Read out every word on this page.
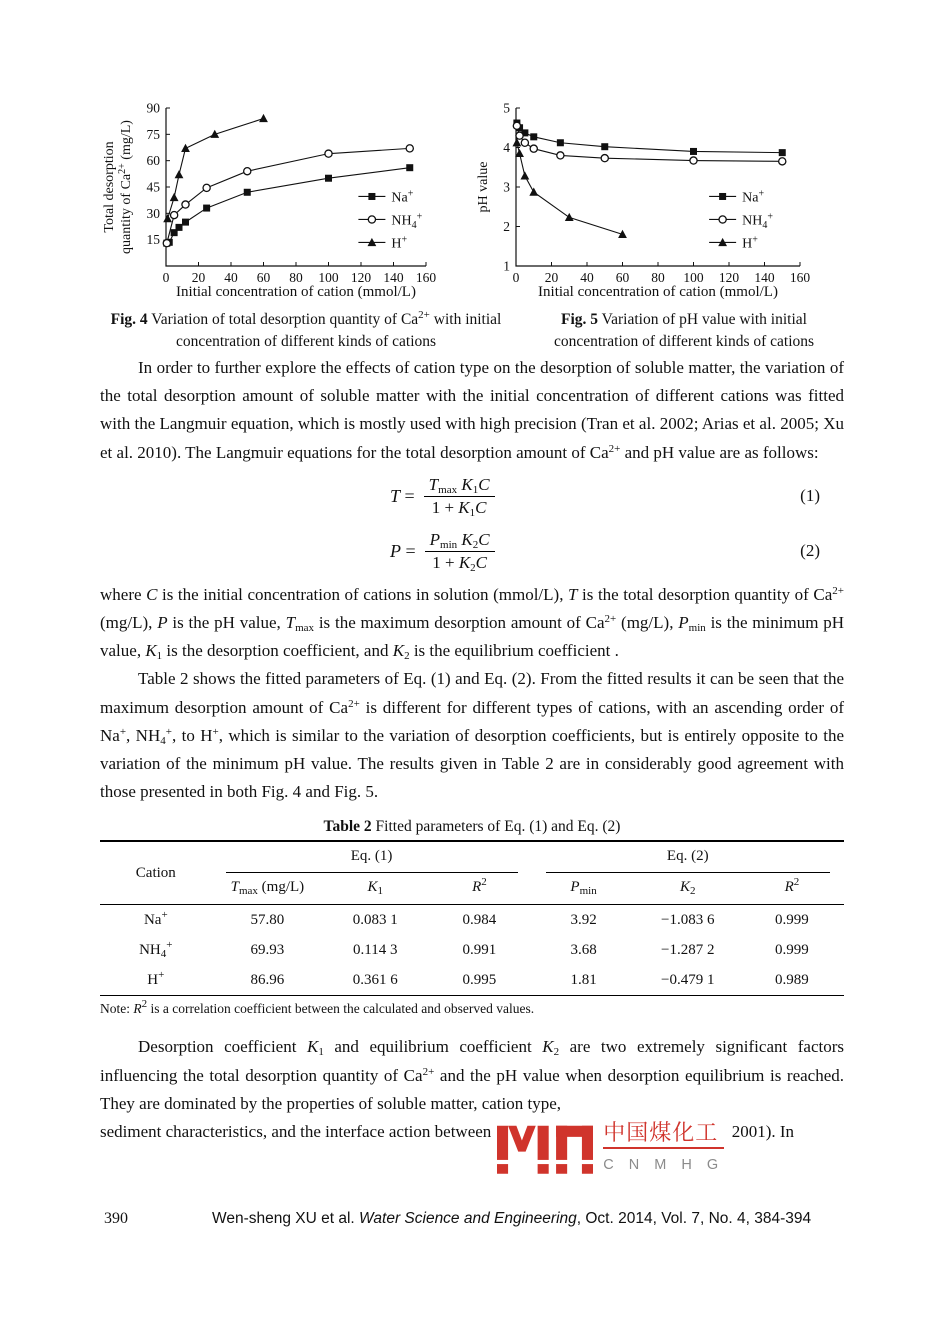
0 20 40 60 80 100 120 140 160
15
30
45
60
75
90
Total desorption quantity of $Ca^{2+}$ (mg/L)
Initial concentration of cation (mmol/L)
Na+
$NH_4^+$
H+
0 20 40 60 80 100 120 140 160
1
2
3
4
5
pH value
Initial concentration of cation (mmol/L)
Na+
$NH_4^+$
H+
Fig. 4 Variation of total desorption quantity of $Ca^{2+}$ with initial concentration of different kinds of cations
Fig. 5 Variation of pH value with initial concentration of different kinds of cations

In order to further explore the effects of cation type on the desorption of soluble matter, the variation of the total desorption amount of soluble matter with the initial concentration of different cations was fitted with the Langmuir equation, which is mostly used with high precision (Tran et al. 2002; Arias et al. 2005; Xu et al. 2010). The Langmuir equations for the total desorption amount of $Ca^{2+}$ and pH value are as follows:

$T = \frac{T_{max} K_1C}{1 + K_1C}$	(1)
$P = \frac{P_{min} K_2C}{1 + K_2C}$	(2)

where C is the initial concentration of cations in solution (mmol/L), T is the total desorption quantity of $Ca^{2+}$ (mg/L), P is the pH value, $T_{max}$ is the maximum desorption amount of $Ca^{2+}$ (mg/L), $P_{min}$ is the minimum pH value, $K_1$ is the desorption coefficient, and $K_2$ is the equilibrium coefficient .

Table 2 shows the fitted parameters of Eq. (1) and Eq. (2). From the fitted results it can be seen that the maximum desorption amount of $Ca^{2+}$ is different for different types of cations, with an ascending order of Na+, $NH_4^+$, to H+, which is similar to the variation of desorption coefficients, but is entirely opposite to the variation of the minimum pH value. The results given in Table 2 are in considerably good agreement with those presented in both Fig. 4 and Fig. 5.

Table 2 Fitted parameters of Eq. (1) and Eq. (2)
Cation	Eq. (1)			Eq. (2)		
	$T_{max}$ (mg/L)	$K_1$	$R^2$	$P_{min}$	$K_2$	$R^2$
Na+	57.80	0.083 1	0.984	3.92	−1.083 6	0.999
$NH_4^+$	69.93	0.114 3	0.991	3.68	−1.287 2	0.999
H+	86.96	0.361 6	0.995	1.81	−0.479 1	0.989
Note: $R^2$ is a correlation coefficient between the calculated and observed values.

Desorption coefficient $K_1$ and equilibrium coefficient $K_2$ are two extremely significant factors influencing the total desorption quantity of $Ca^{2+}$ and the pH value when desorption equilibrium is reached. They are dominated by the properties of soluble matter, cation type,

sediment characteristics, and the interface action between	中国煤化工
C N M H G
2001). In
390	Wen-sheng XU et al. Water Science and Engineering, Oct. 2014, Vol. 7, No. 4, 384-394
